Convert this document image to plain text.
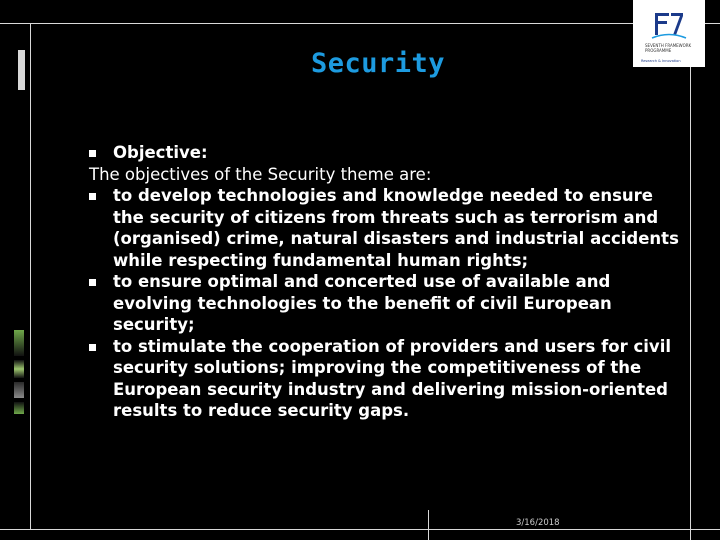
Security
SEVENTH FRAMEWORK
PROGRAMME
Research & Innovation
Objective:
The objectives of the Security theme are:
to develop technologies and knowledge needed to ensure the security of citizens from threats such as terrorism and (organised) crime, natural disasters and industrial accidents while respecting fundamental human rights;
to ensure optimal and concerted use of available and evolving technologies to the benefit of civil European security;
to stimulate the cooperation of providers and users for civil security solutions; improving the competitiveness of the European security industry and delivering mission-oriented results to reduce security gaps.
3/16/2018
